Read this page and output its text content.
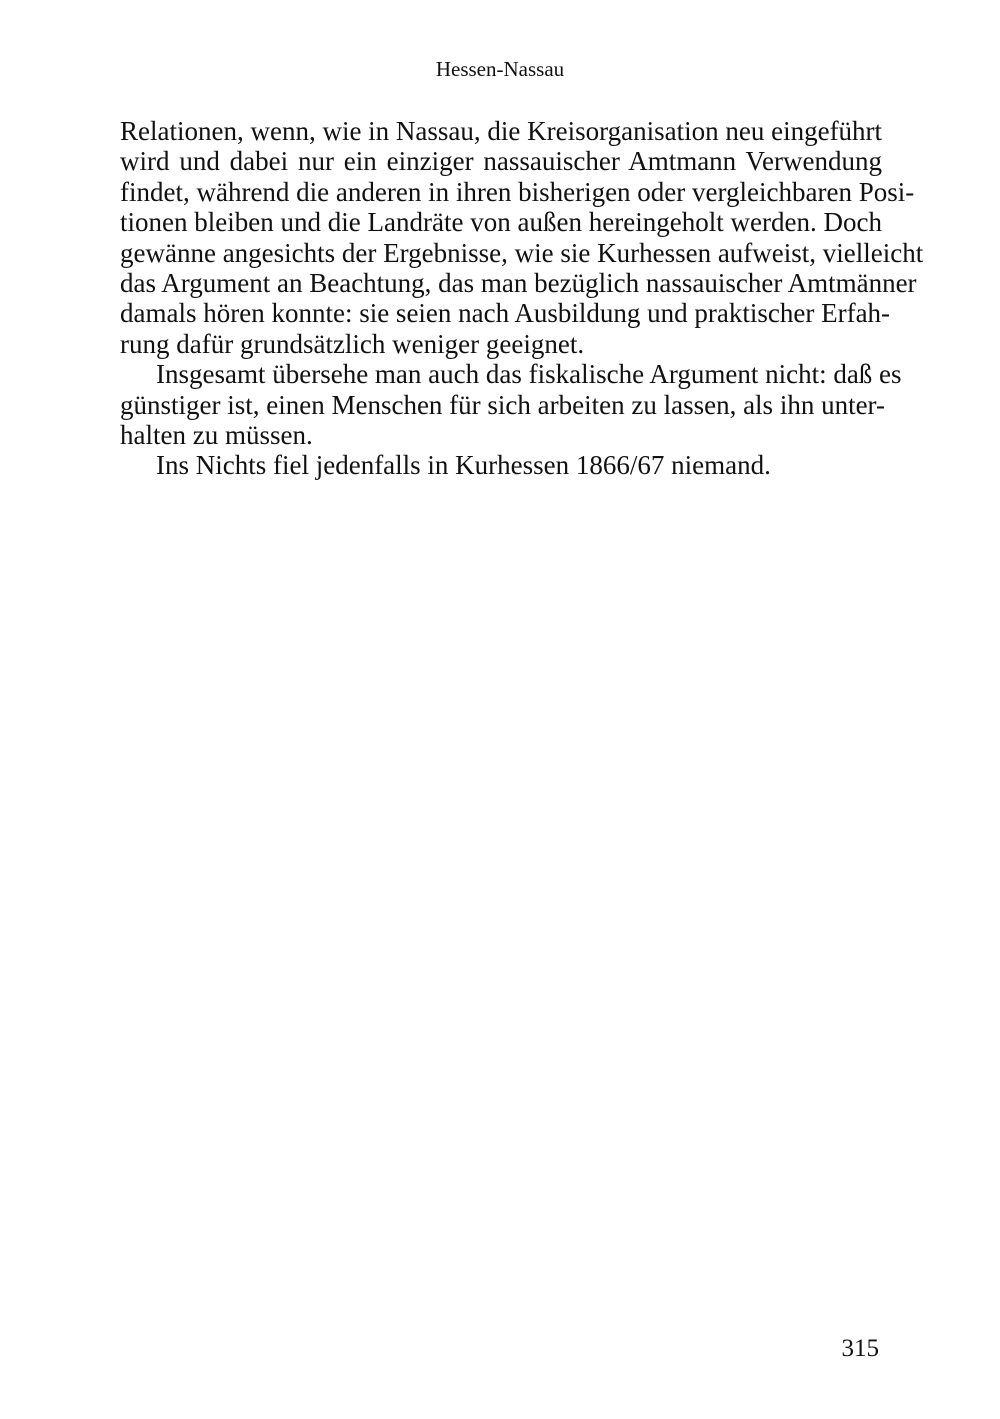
Hessen-Nassau
Relationen, wenn, wie in Nassau, die Kreisorganisation neu eingeführt
wird und dabei nur ein einziger nassauischer Amtmann Verwendung
findet, während die anderen in ihren bisherigen oder vergleichbaren Posi-
tionen bleiben und die Landräte von außen hereingeholt werden. Doch
gewänne angesichts der Ergebnisse, wie sie Kurhessen aufweist, vielleicht
das Argument an Beachtung, das man bezüglich nassauischer Amtmänner
damals hören konnte: sie seien nach Ausbildung und praktischer Erfah-
rung dafür grundsätzlich weniger geeignet.
Insgesamt übersehe man auch das fiskalische Argument nicht: daß es
günstiger ist, einen Menschen für sich arbeiten zu lassen, als ihn unter-
halten zu müssen.
Ins Nichts fiel jedenfalls in Kurhessen 1866/67 niemand.
315
